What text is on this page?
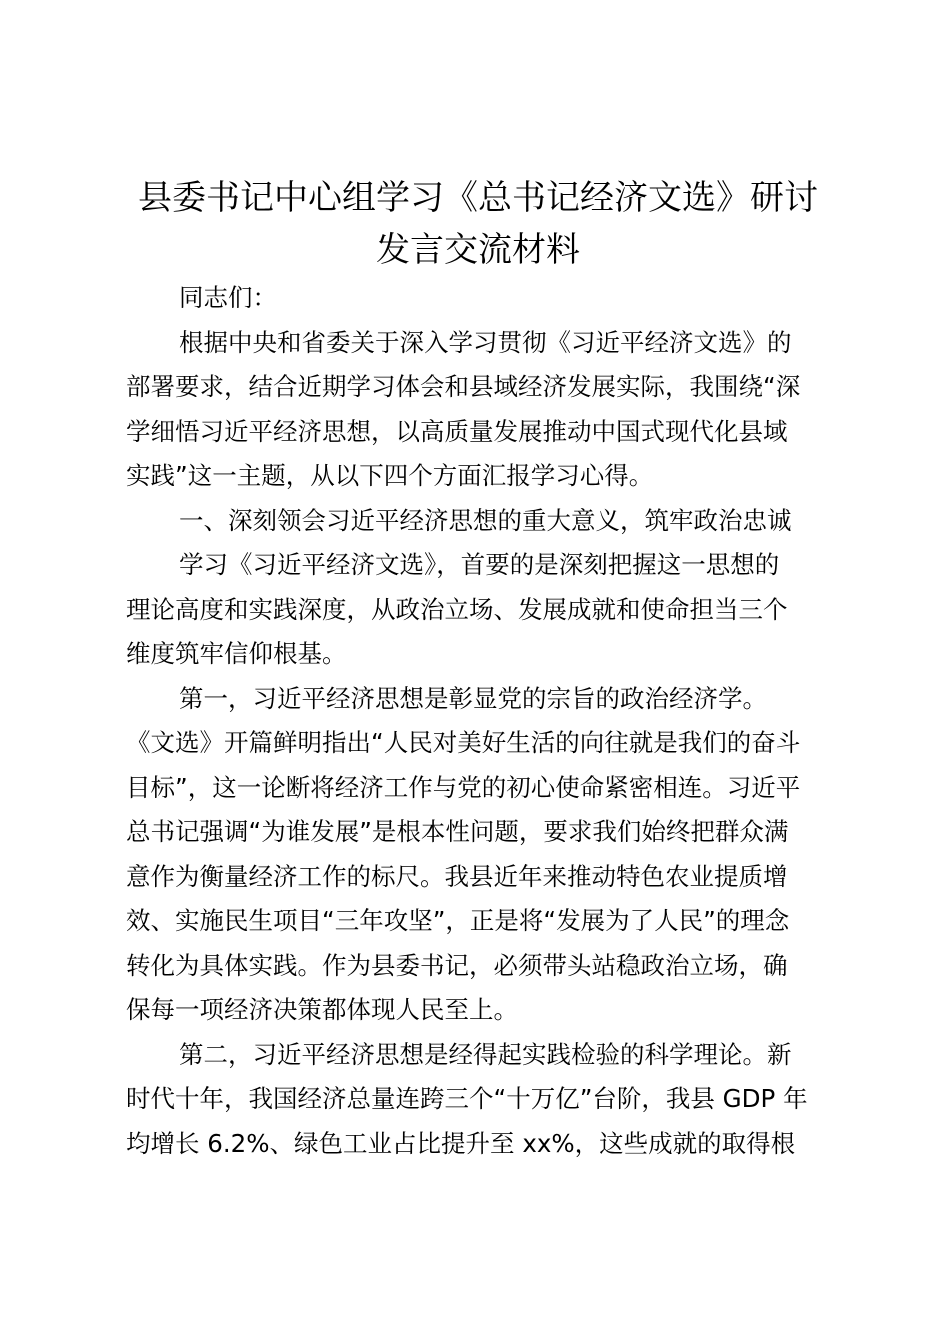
县委书记中心组学习《总书记经济文选》研讨
发言交流材料
同志们：
根据中央和省委关于深入学习贯彻《习近平经济文选》的
部署要求，结合近期学习体会和县域经济发展实际，我围绕“深
学细悟习近平经济思想，以高质量发展推动中国式现代化县域
实践”这一主题，从以下四个方面汇报学习心得。
一、深刻领会习近平经济思想的重大意义，筑牢政治忠诚
学习《习近平经济文选》，首要的是深刻把握这一思想的
理论高度和实践深度，从政治立场、发展成就和使命担当三个
维度筑牢信仰根基。
第一，习近平经济思想是彰显党的宗旨的政治经济学。
《文选》开篇鲜明指出“人民对美好生活的向往就是我们的奋斗
目标”，这一论断将经济工作与党的初心使命紧密相连。习近平
总书记强调“为谁发展”是根本性问题，要求我们始终把群众满
意作为衡量经济工作的标尺。我县近年来推动特色农业提质增
效、实施民生项目“三年攻坚”，正是将“发展为了人民”的理念
转化为具体实践。作为县委书记，必须带头站稳政治立场，确
保每一项经济决策都体现人民至上。
第二，习近平经济思想是经得起实践检验的科学理论。新
时代十年，我国经济总量连跨三个“十万亿”台阶，我县 GDP 年
均增长 6.2%、绿色工业占比提升至 xx%，这些成就的取得根
